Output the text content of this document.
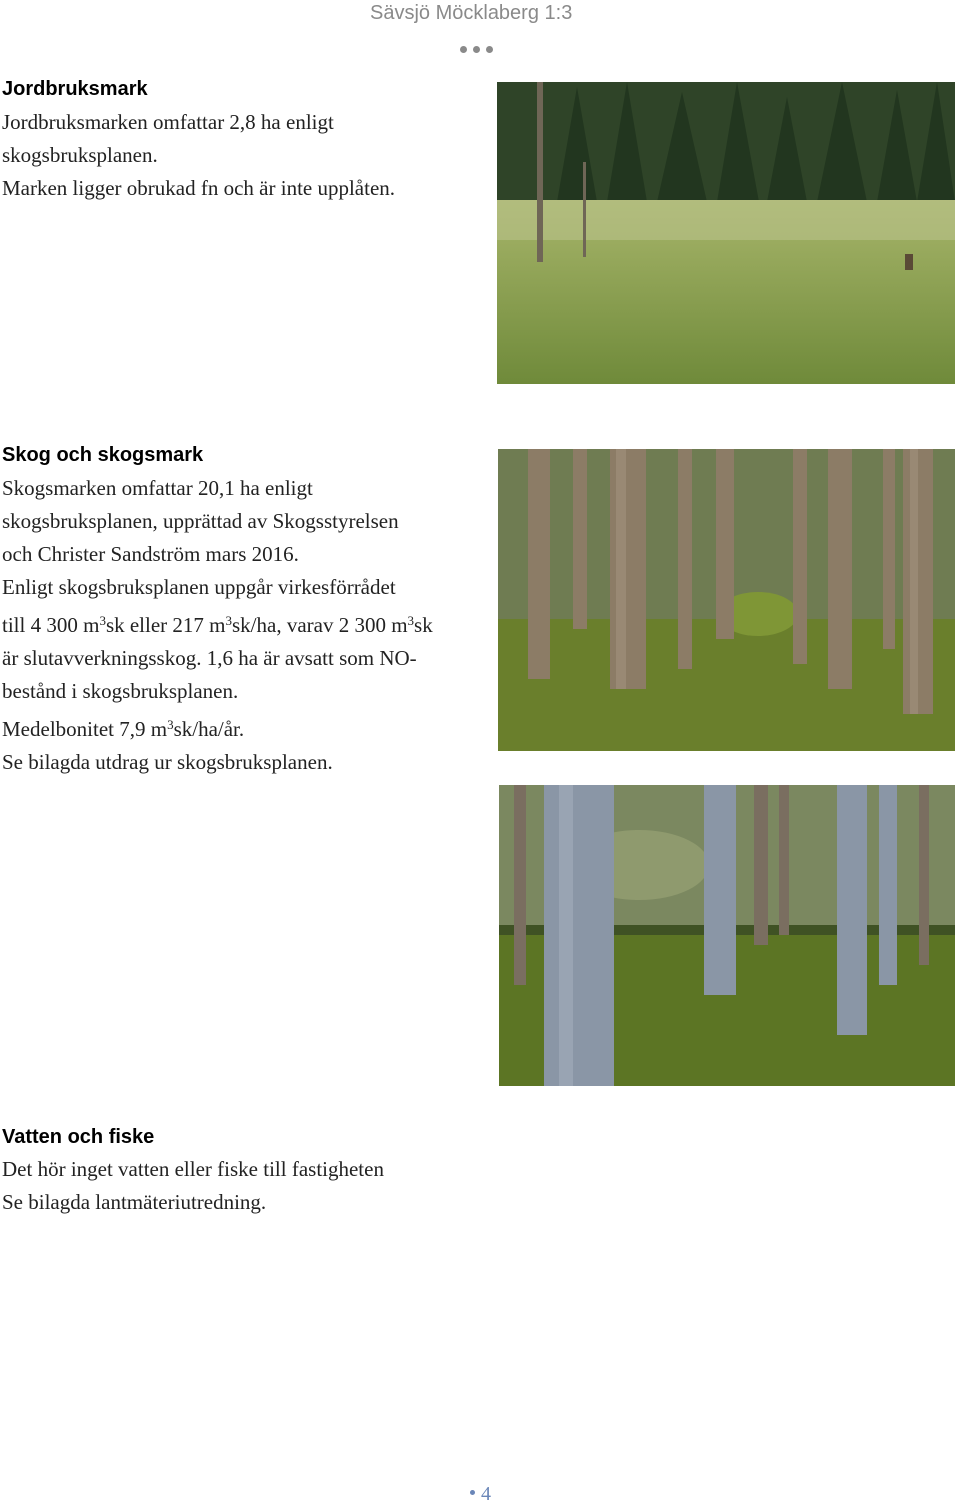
Sävsjö Möcklaberg 1:3
Jordbruksmark
Jordbruksmarken omfattar 2,8 ha enligt
skogsbruksplanen.
Marken ligger obrukad fn och är inte upplåten.
Skog och skogsmark
Skogsmarken omfattar 20,1 ha enligt
skogsbruksplanen, upprättad av Skogsstyrelsen
och Christer Sandström mars 2016.
Enligt skogsbruksplanen uppgår virkesförrådet
till 4 300 $m^3sk$ eller 217 $m^3sk/ha$, varav 2 300 $m^3sk$
är slutavverkningsskog. 1,6 ha är avsatt som NO-
bestånd i skogsbruksplanen.
Medelbonitet 7,9 $m^3sk/ha/år$.
Se bilagda utdrag ur skogsbruksplanen.
Vatten och fiske
Det hör inget vatten eller fiske till fastigheten
Se bilagda lantmäteriutredning.
4
